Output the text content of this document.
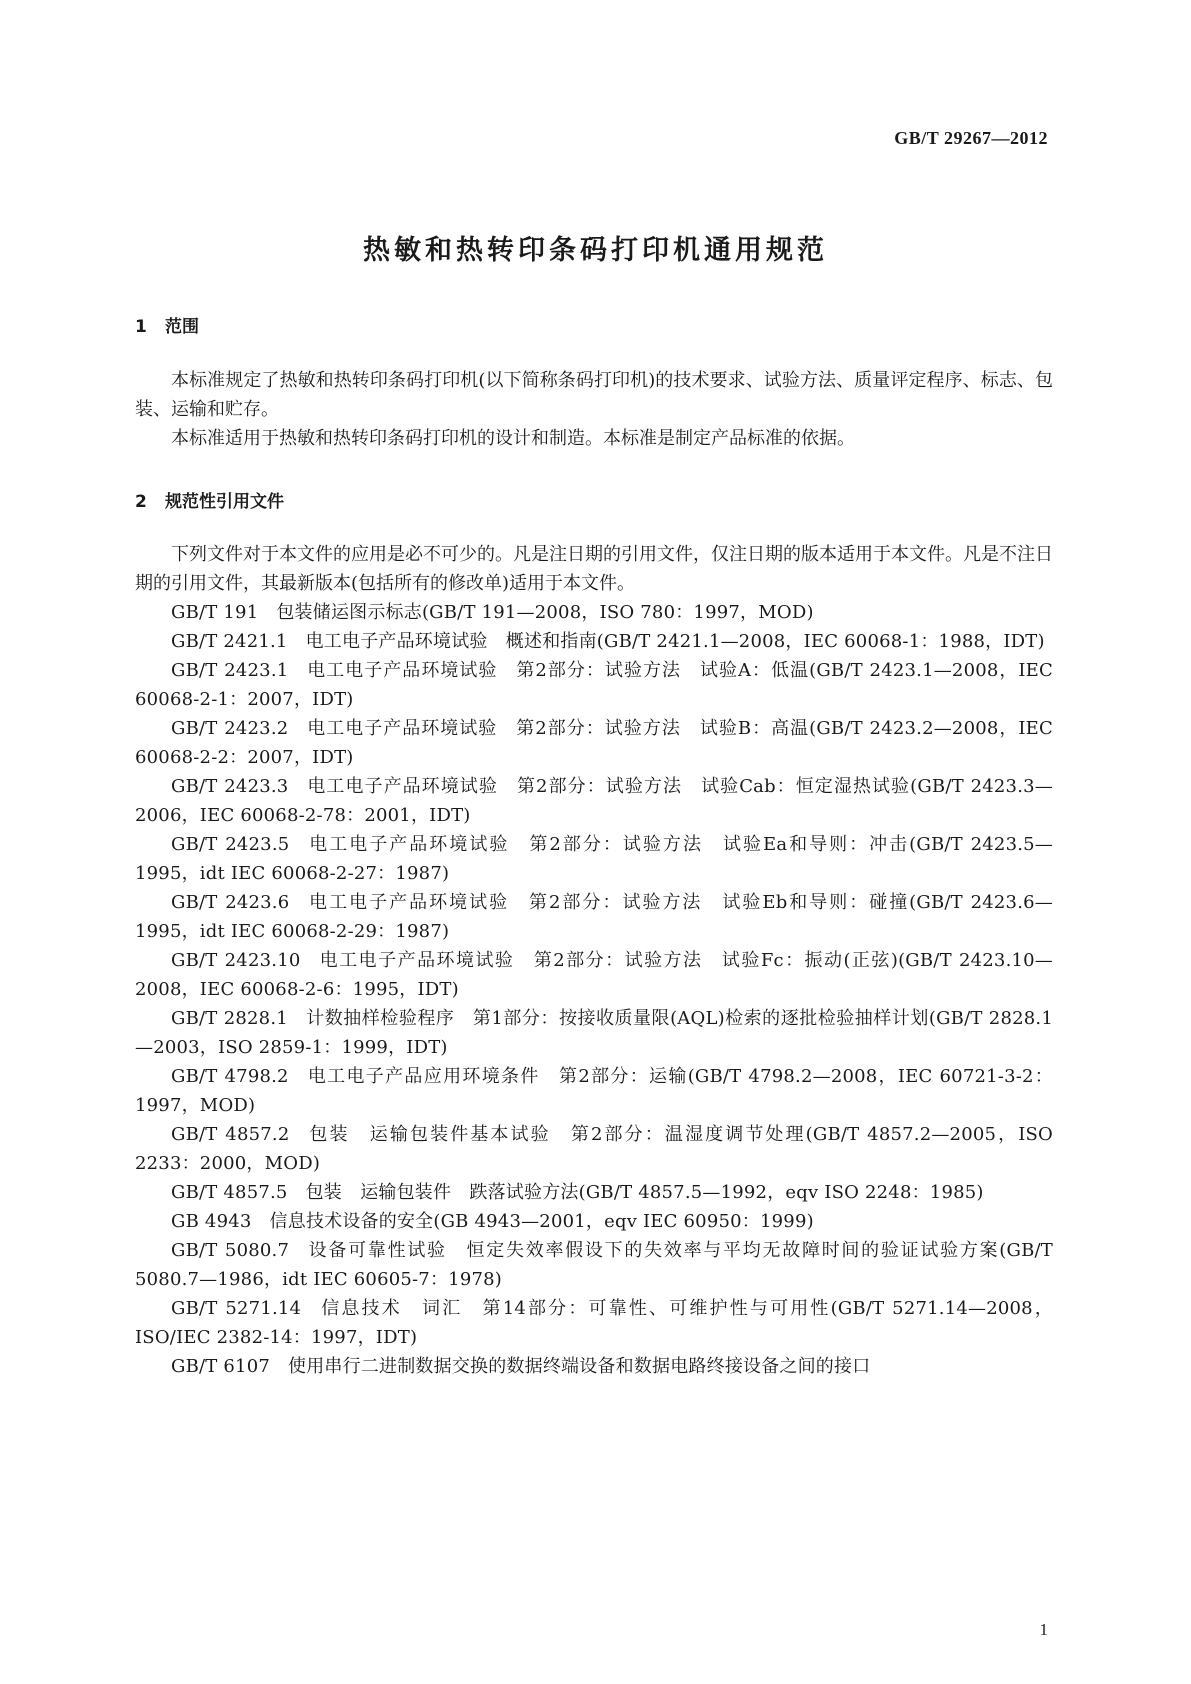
GB/T 29267—2012
热敏和热转印条码打印机通用规范
1 范围

本标准规定了热敏和热转印条码打印机(以下简称条码打印机)的技术要求、试验方法、质量评定程序、标志、包装、运输和贮存。

本标准适用于热敏和热转印条码打印机的设计和制造。本标准是制定产品标准的依据。

2 规范性引用文件

下列文件对于本文件的应用是必不可少的。凡是注日期的引用文件，仅注日期的版本适用于本文件。凡是不注日期的引用文件，其最新版本(包括所有的修改单)适用于本文件。

GB/T 191 包装储运图示标志(GB/T 191—2008，ISO 780：1997，MOD)

GB/T 2421.1 电工电子产品环境试验　概述和指南(GB/T 2421.1—2008，IEC 60068-1：1988，IDT)

GB/T 2423.1 电工电子产品环境试验　第2部分：试验方法　试验A：低温(GB/T 2423.1—2008，IEC 60068-2-1：2007，IDT)

GB/T 2423.2 电工电子产品环境试验　第2部分：试验方法　试验B：高温(GB/T 2423.2—2008，IEC 60068-2-2：2007，IDT)

GB/T 2423.3 电工电子产品环境试验　第2部分：试验方法　试验Cab：恒定湿热试验(GB/T 2423.3—2006，IEC 60068-2-78：2001，IDT)

GB/T 2423.5 电工电子产品环境试验　第2部分：试验方法　试验Ea和导则：冲击(GB/T 2423.5—1995，idt IEC 60068-2-27：1987)

GB/T 2423.6 电工电子产品环境试验　第2部分：试验方法　试验Eb和导则：碰撞(GB/T 2423.6—1995，idt IEC 60068-2-29：1987)

GB/T 2423.10 电工电子产品环境试验　第2部分：试验方法　试验Fc：振动(正弦)(GB/T 2423.10—2008，IEC 60068-2-6：1995，IDT)

GB/T 2828.1 计数抽样检验程序　第1部分：按接收质量限(AQL)检索的逐批检验抽样计划(GB/T 2828.1—2003，ISO 2859-1：1999，IDT)

GB/T 4798.2 电工电子产品应用环境条件　第2部分：运输(GB/T 4798.2—2008，IEC 60721-3-2：1997，MOD)

GB/T 4857.2 包装　运输包装件基本试验　第2部分：温湿度调节处理(GB/T 4857.2—2005，ISO 2233：2000，MOD)

GB/T 4857.5 包装　运输包装件　跌落试验方法(GB/T 4857.5—1992，eqv ISO 2248：1985)

GB 4943 信息技术设备的安全(GB 4943—2001，eqv IEC 60950：1999)

GB/T 5080.7 设备可靠性试验　恒定失效率假设下的失效率与平均无故障时间的验证试验方案(GB/T 5080.7—1986，idt IEC 60605-7：1978)

GB/T 5271.14 信息技术　词汇　第14部分：可靠性、可维护性与可用性(GB/T 5271.14—2008，ISO/IEC 2382-14：1997，IDT)

GB/T 6107 使用串行二进制数据交换的数据终端设备和数据电路终接设备之间的接口

1
